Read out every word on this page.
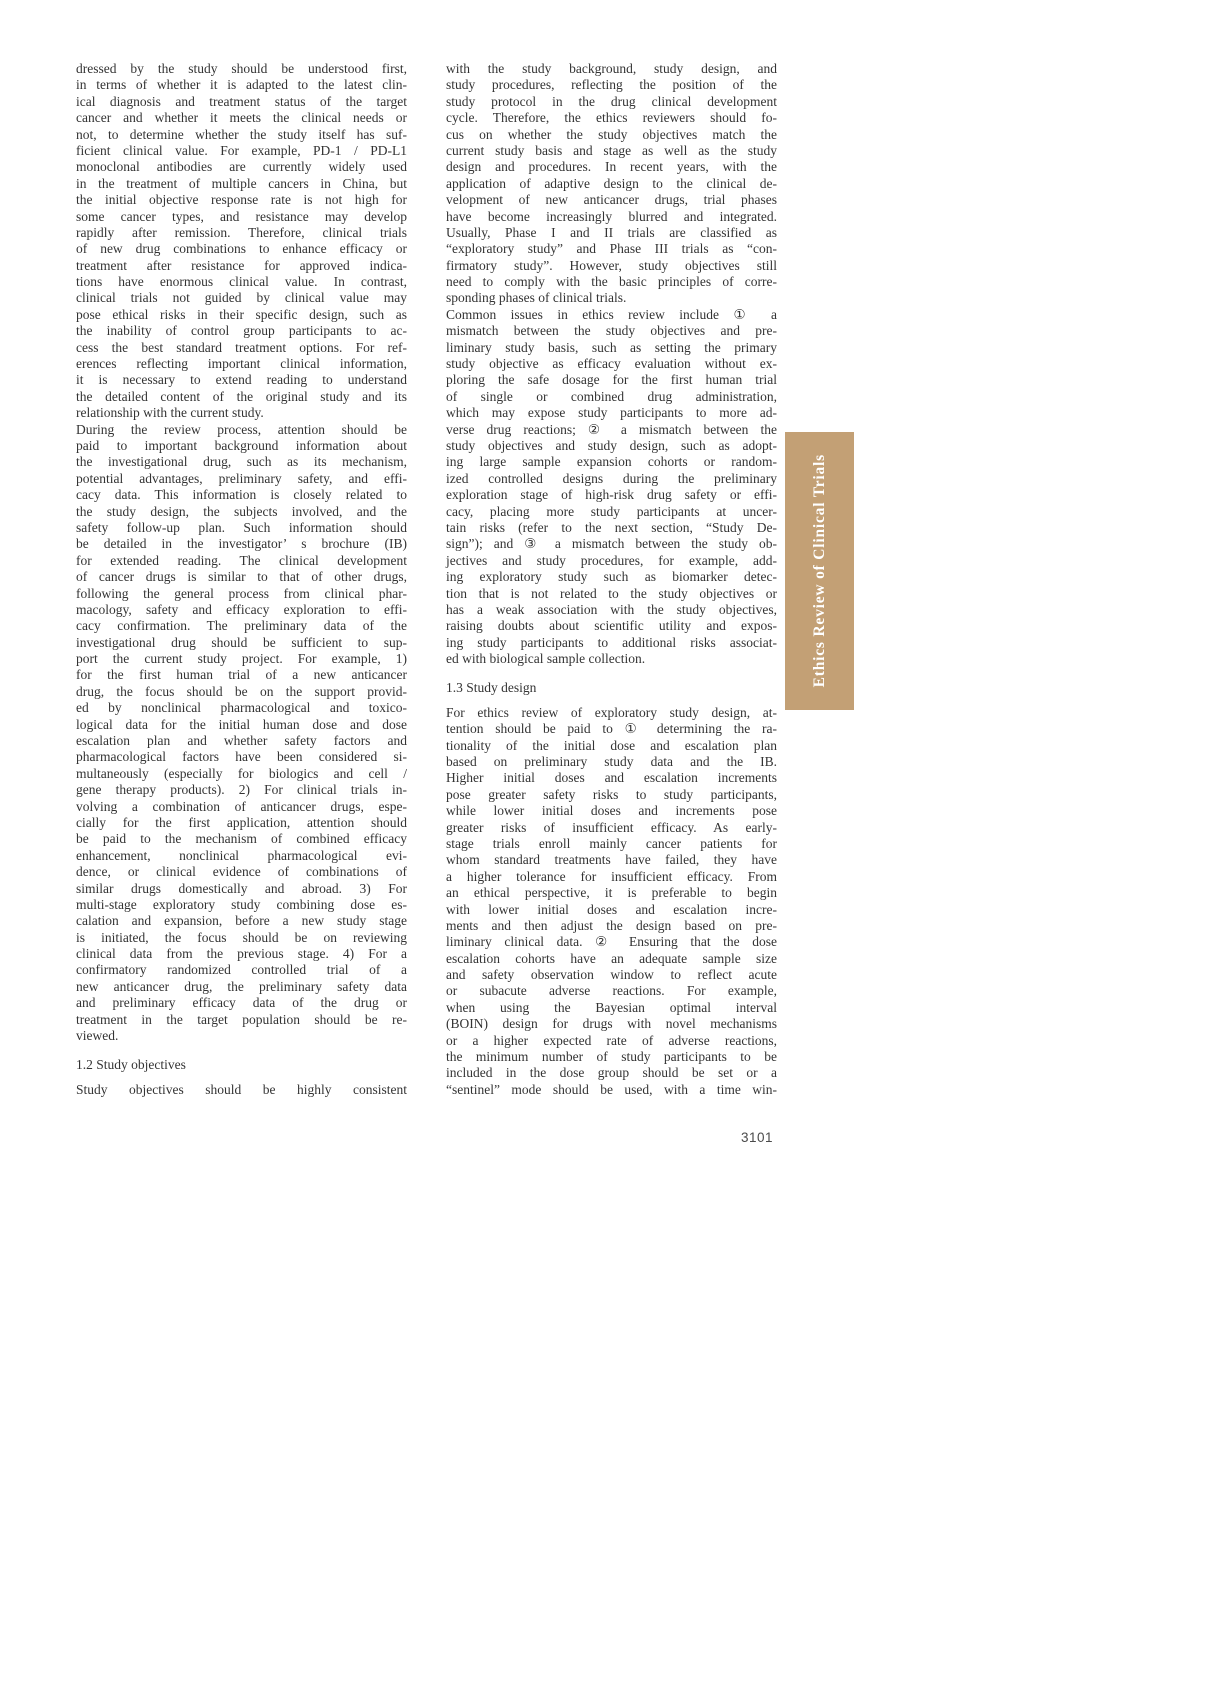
dressed by the study should be understood first,
in terms of whether it is adapted to the latest clin-
ical diagnosis and treatment status of the target
cancer and whether it meets the clinical needs or
not, to determine whether the study itself has suf-
ficient clinical value. For example, PD-1 / PD-L1
monoclonal antibodies are currently widely used
in the treatment of multiple cancers in China, but
the initial objective response rate is not high for
some cancer types, and resistance may develop
rapidly after remission. Therefore, clinical trials
of new drug combinations to enhance efficacy or
treatment after resistance for approved indica-
tions have enormous clinical value. In contrast,
clinical trials not guided by clinical value may
pose ethical risks in their specific design, such as
the inability of control group participants to ac-
cess the best standard treatment options. For ref-
erences reflecting important clinical information,
it is necessary to extend reading to understand
the detailed content of the original study and its
relationship with the current study.
During the review process, attention should be
paid to important background information about
the investigational drug, such as its mechanism,
potential advantages, preliminary safety, and effi-
cacy data. This information is closely related to
the study design, the subjects involved, and the
safety follow-up plan. Such information should
be detailed in the investigator’ s brochure (IB)
for extended reading. The clinical development
of cancer drugs is similar to that of other drugs,
following the general process from clinical phar-
macology, safety and efficacy exploration to effi-
cacy confirmation. The preliminary data of the
investigational drug should be sufficient to sup-
port the current study project. For example, 1)
for the first human trial of a new anticancer
drug, the focus should be on the support provid-
ed by nonclinical pharmacological and toxico-
logical data for the initial human dose and dose
escalation plan and whether safety factors and
pharmacological factors have been considered si-
multaneously (especially for biologics and cell /
gene therapy products). 2) For clinical trials in-
volving a combination of anticancer drugs, espe-
cially for the first application, attention should
be paid to the mechanism of combined efficacy
enhancement, nonclinical pharmacological evi-
dence, or clinical evidence of combinations of
similar drugs domestically and abroad. 3) For
multi-stage exploratory study combining dose es-
calation and expansion, before a new study stage
is initiated, the focus should be on reviewing
clinical data from the previous stage. 4) For a
confirmatory randomized controlled trial of a
new anticancer drug, the preliminary safety data
and preliminary efficacy data of the drug or
treatment in the target population should be re-
viewed.
1.2 Study objectives
Study objectives should be highly consistent
with the study background, study design, and
study procedures, reflecting the position of the
study protocol in the drug clinical development
cycle. Therefore, the ethics reviewers should fo-
cus on whether the study objectives match the
current study basis and stage as well as the study
design and procedures. In recent years, with the
application of adaptive design to the clinical de-
velopment of new anticancer drugs, trial phases
have become increasingly blurred and integrated.
Usually, Phase I and II trials are classified as
“exploratory study” and Phase III trials as “con-
firmatory study”. However, study objectives still
need to comply with the basic principles of corre-
sponding phases of clinical trials.
Common issues in ethics review include ① a
mismatch between the study objectives and pre-
liminary study basis, such as setting the primary
study objective as efficacy evaluation without ex-
ploring the safe dosage for the first human trial
of single or combined drug administration,
which may expose study participants to more ad-
verse drug reactions; ② a mismatch between the
study objectives and study design, such as adopt-
ing large sample expansion cohorts or random-
ized controlled designs during the preliminary
exploration stage of high-risk drug safety or effi-
cacy, placing more study participants at uncer-
tain risks (refer to the next section, “Study De-
sign”); and ③ a mismatch between the study ob-
jectives and study procedures, for example, add-
ing exploratory study such as biomarker detec-
tion that is not related to the study objectives or
has a weak association with the study objectives,
raising doubts about scientific utility and expos-
ing study participants to additional risks associat-
ed with biological sample collection.
1.3 Study design
For ethics review of exploratory study design, at-
tention should be paid to ① determining the ra-
tionality of the initial dose and escalation plan
based on preliminary study data and the IB.
Higher initial doses and escalation increments
pose greater safety risks to study participants,
while lower initial doses and increments pose
greater risks of insufficient efficacy. As early-
stage trials enroll mainly cancer patients for
whom standard treatments have failed, they have
a higher tolerance for insufficient efficacy. From
an ethical perspective, it is preferable to begin
with lower initial doses and escalation incre-
ments and then adjust the design based on pre-
liminary clinical data. ② Ensuring that the dose
escalation cohorts have an adequate sample size
and safety observation window to reflect acute
or subacute adverse reactions. For example,
when using the Bayesian optimal interval
(BOIN) design for drugs with novel mechanisms
or a higher expected rate of adverse reactions,
the minimum number of study participants to be
included in the dose group should be set or a
“sentinel” mode should be used, with a time win-
Ethics Review of Clinical Trials
3101
